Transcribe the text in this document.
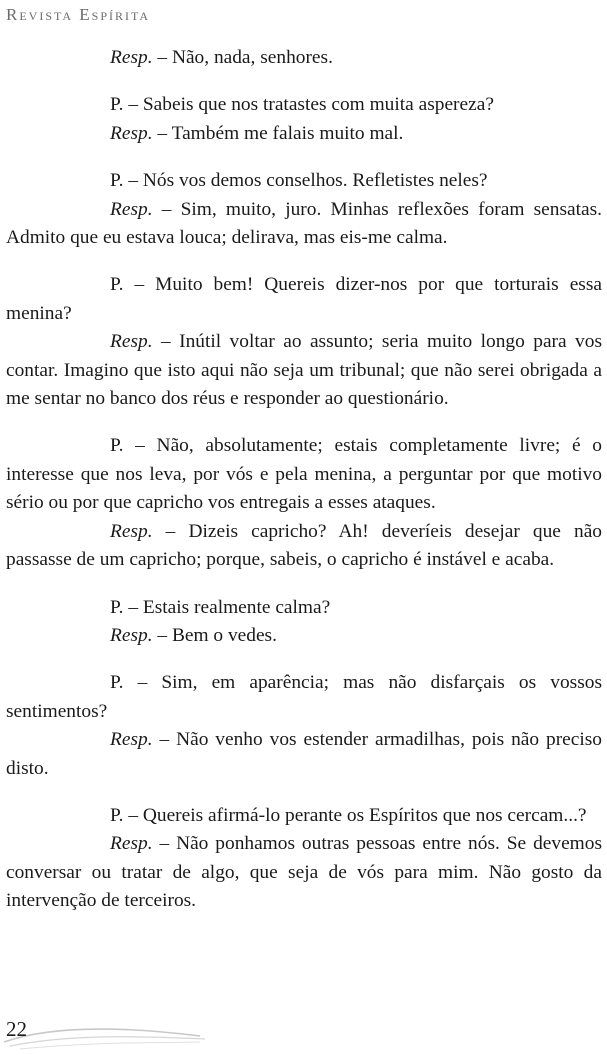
Revista Espírita

Resp. – Não, nada, senhores.

P. – Sabeis que nos tratastes com muita aspereza?

Resp. – Também me falais muito mal.

P. – Nós vos demos conselhos. Refletistes neles?

Resp. – Sim, muito, juro. Minhas reflexões foram sensatas. Admito que eu estava louca; delirava, mas eis-me calma.

P. – Muito bem! Quereis dizer-nos por que torturais essa menina?

Resp. – Inútil voltar ao assunto; seria muito longo para vos contar. Imagino que isto aqui não seja um tribunal; que não serei obrigada a me sentar no banco dos réus e responder ao questionário.

P. – Não, absolutamente; estais completamente livre; é o interesse que nos leva, por vós e pela menina, a perguntar por que motivo sério ou por que capricho vos entregais a esses ataques.

Resp. – Dizeis capricho? Ah! deveríeis desejar que não passasse de um capricho; porque, sabeis, o capricho é instável e acaba.

P. – Estais realmente calma?

Resp. – Bem o vedes.

P. – Sim, em aparência; mas não disfarçais os vossos sentimentos?

Resp. – Não venho vos estender armadilhas, pois não preciso disto.

P. – Quereis afirmá-lo perante os Espíritos que nos cercam...?

Resp. – Não ponhamos outras pessoas entre nós. Se devemos conversar ou tratar de algo, que seja de vós para mim. Não gosto da intervenção de terceiros.

22
